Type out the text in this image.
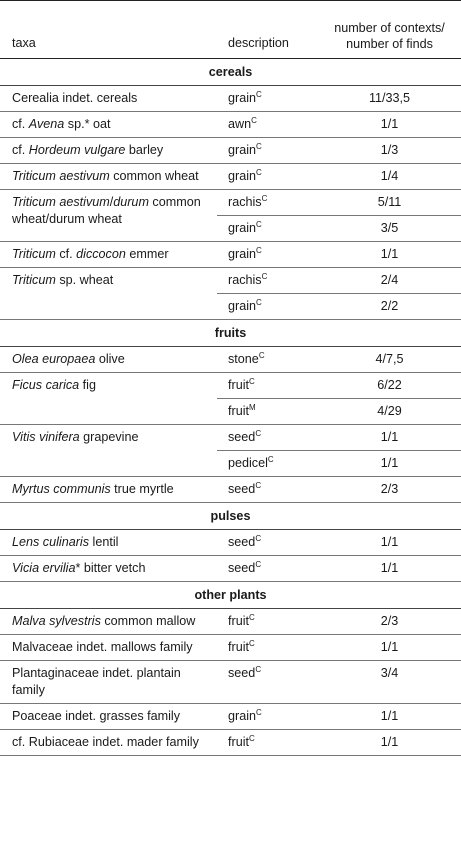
taxa	description	number of contexts/ number of finds
cereals		
Cerealia indet. cereals	grain$^C$	11/33,5
cf. Avena sp.* oat	awn$^C$	1/1
cf. Hordeum vulgare barley	grain$^C$	1/3
Triticum aestivum common wheat	grain$^C$	1/4
Triticum aestivum/durum common wheat/durum wheat	rachis$^C$	5/11
	grain$^C$	3/5
Triticum cf. diccocon emmer	grain$^C$	1/1
Triticum sp. wheat	rachis$^C$	2/4
	grain$^C$	2/2
fruits		
Olea europaea olive	stone$^C$	4/7,5
Ficus carica fig	fruit$^C$	6/22
	fruit$^M$	4/29
Vitis vinifera grapevine	seed$^C$	1/1
	pedicel$^C$	1/1
Myrtus communis true myrtle	seed$^C$	2/3
pulses		
Lens culinaris lentil	seed$^C$	1/1
Vicia ervilia* bitter vetch	seed$^C$	1/1
other plants		
Malva sylvestris common mallow	fruit$^C$	2/3
Malvaceae indet. mallows family	fruit$^C$	1/1
Plantaginaceae indet. plantain family	seed$^C$	3/4
Poaceae indet. grasses family	grain$^C$	1/1
cf. Rubiaceae indet. mader family	fruit$^C$	1/1
